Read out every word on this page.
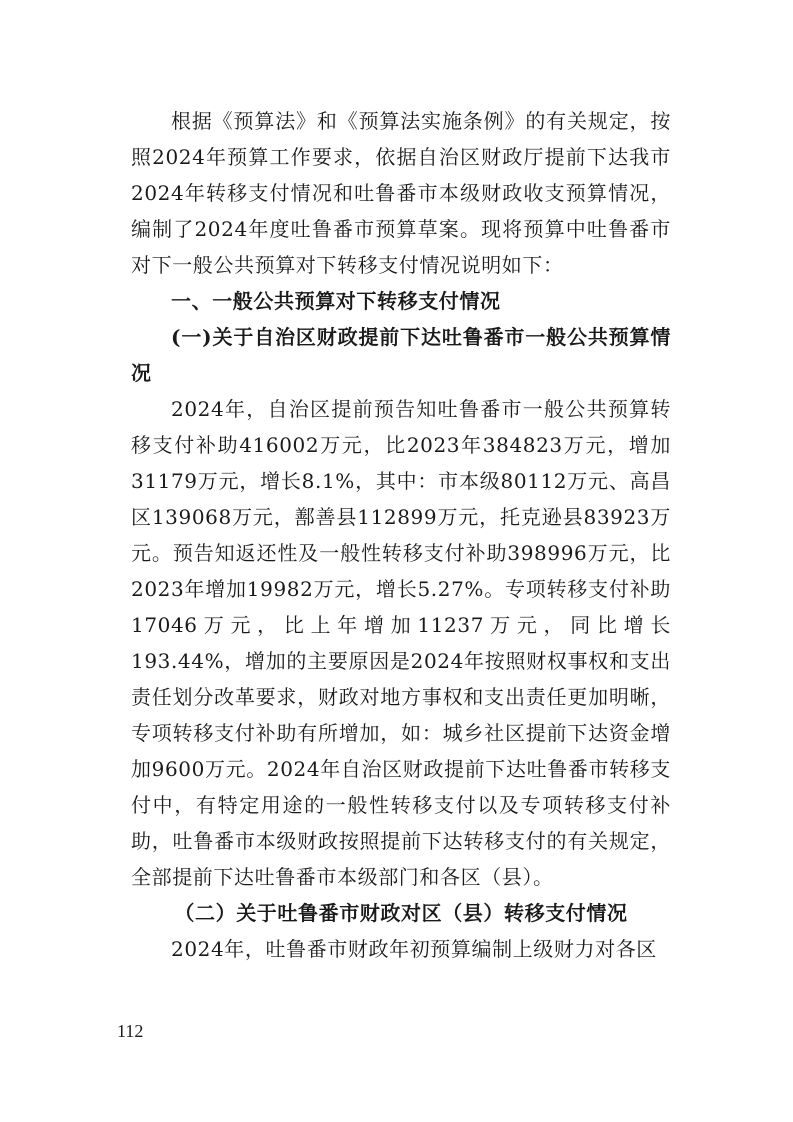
根据《预算法》和《预算法实施条例》的有关规定，按照2024年预算工作要求，依据自治区财政厅提前下达我市2024年转移支付情况和吐鲁番市本级财政收支预算情况，编制了2024年度吐鲁番市预算草案。现将预算中吐鲁番市对下一般公共预算对下转移支付情况说明如下：

一、一般公共预算对下转移支付情况

(一)关于自治区财政提前下达吐鲁番市一般公共预算情况

2024年，自治区提前预告知吐鲁番市一般公共预算转移支付补助416002万元，比2023年384823万元，增加31179万元，增长8.1%，其中：市本级80112万元、高昌区139068万元，鄯善县112899万元，托克逊县83923万元。预告知返还性及一般性转移支付补助398996万元，比2023年增加19982万元，增长5.27%。专项转移支付补助17046万元，比上年增加11237万元，同比增长193.44%，增加的主要原因是2024年按照财权事权和支出责任划分改革要求，财政对地方事权和支出责任更加明晰，专项转移支付补助有所增加，如：城乡社区提前下达资金增加9600万元。2024年自治区财政提前下达吐鲁番市转移支付中，有特定用途的一般性转移支付以及专项转移支付补助，吐鲁番市本级财政按照提前下达转移支付的有关规定，全部提前下达吐鲁番市本级部门和各区（县）。

（二）关于吐鲁番市财政对区（县）转移支付情况

2024年，吐鲁番市财政年初预算编制上级财力对各区

112
